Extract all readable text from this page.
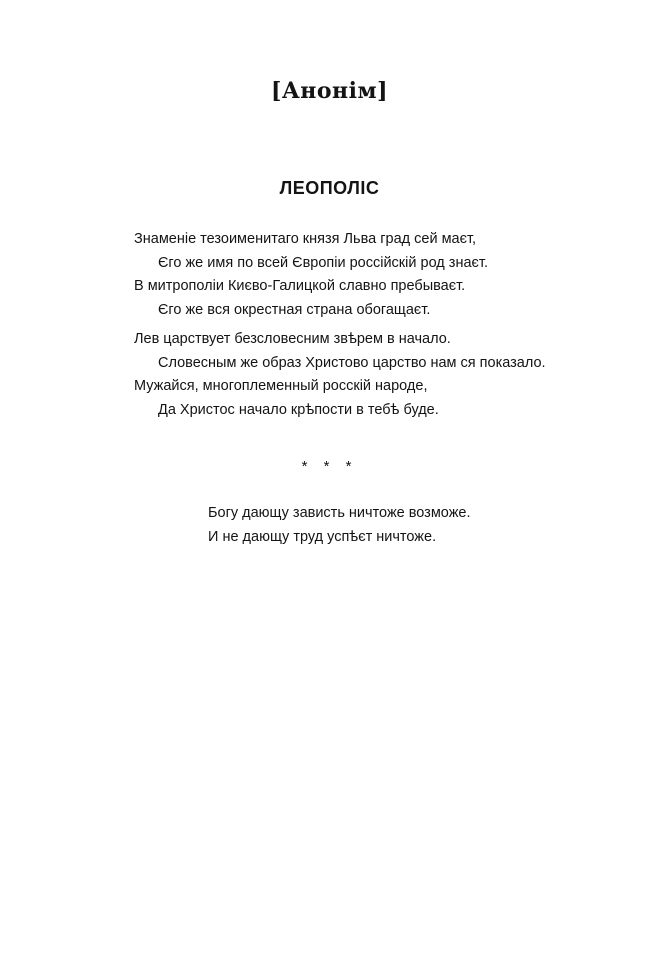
[Анонім]
ЛЕОПОЛІС
Знаменіе тезоименитаго князя Льва град сей маєт,
Єго же имя по всей Європіи россійскій род знаєт.
В митрополіи Києво-Галицкой славно пребываєт.
Єго же вся окрестная страна обогащаєт.
Лев царствует безсловесним звѣрем в начало.
Словесным же образ Христово царство нам ся показало.
Мужайся, многоплеменный росскій народе,
Да Христос начало крѣпости в тебѣ буде.
* * *
Богу дающу зависть ничтоже возможе.
И не дающу труд успѣєт ничтоже.
